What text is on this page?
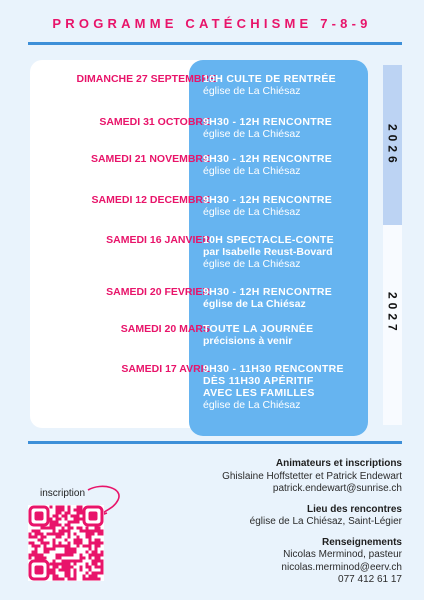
PROGRAMME CATÉCHISME 7-8-9
2026
2027
DIMANCHE 27 SEPTEMBRE
10H CULTE DE RENTRÉE
église de La Chiésaz
SAMEDI 31 OCTOBRE
9H30 - 12H RENCONTRE
église de La Chiésaz
SAMEDI 21 NOVEMBRE
9H30 - 12H RENCONTRE
église de La Chiésaz
SAMEDI 12 DECEMBRE
9H30 - 12H RENCONTRE
église de La Chiésaz
SAMEDI 16 JANVIER
10H SPECTACLE-CONTE
par Isabelle Reust-Bovard
église de La Chiésaz
SAMEDI 20 FEVRIER
9H30 - 12H RENCONTRE
église de La Chiésaz
SAMEDI 20 MARS
TOUTE LA JOURNÉE
précisions à venir
SAMEDI 17 AVRIL
9H30 - 11H30 RENCONTRE
DÈS 11H30 APÉRITIF
AVEC LES FAMILLES
église de La Chiésaz
inscription
Animateurs et inscriptions
Ghislaine Hoffstetter et Patrick Endewart
patrick.endewart@sunrise.ch
Lieu des rencontres
église de La Chiésaz, Saint-Légier
Renseignements
Nicolas Merminod, pasteur
nicolas.merminod@eerv.ch
077 412 61 17
